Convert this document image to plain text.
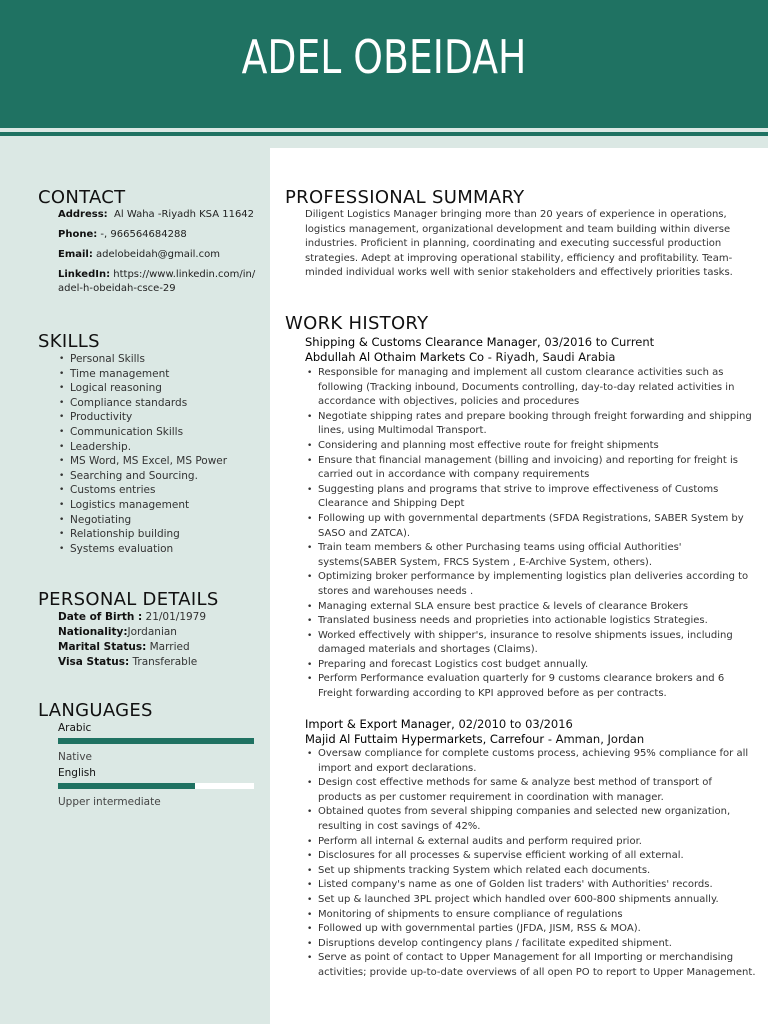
ADEL OBEIDAH
CONTACT
Address: Al Waha -Riyadh KSA 11642
Phone: -, 966564684288
Email: adelobeidah@gmail.com
LinkedIn: https://www.linkedin.com/in/adel-h-obeidah-csce-29
SKILLS
• Personal Skills
• Time management
• Logical reasoning
• Compliance standards
• Productivity
• Communication Skills
• Leadership.
• MS Word, MS Excel, MS Power
• Searching and Sourcing.
• Customs entries
• Logistics management
• Negotiating
• Relationship building
• Systems evaluation
PERSONAL DETAILS
Date of Birth : 21/01/1979
Nationality:Jordanian
Marital Status: Married
Visa Status: Transferable
LANGUAGES
Arabic
Native
English
Upper intermediate
PROFESSIONAL SUMMARY
Diligent Logistics Manager bringing more than 20 years of experience in operations, logistics management, organizational development and team building within diverse industries. Proficient in planning, coordinating and executing successful production strategies. Adept at improving operational stability, efficiency and profitability. Team-minded individual works well with senior stakeholders and effectively priorities tasks.
WORK HISTORY
Shipping & Customs Clearance Manager, 03/2016 to Current
Abdullah Al Othaim Markets Co - Riyadh, Saudi Arabia
• Responsible for managing and implement all custom clearance activities such as following (Tracking inbound, Documents controlling, day-to-day related activities in accordance with objectives, policies and procedures
• Negotiate shipping rates and prepare booking through freight forwarding and shipping lines, using Multimodal Transport.
• Considering and planning most effective route for freight shipments
• Ensure that financial management (billing and invoicing) and reporting for freight is carried out in accordance with company requirements
• Suggesting plans and programs that strive to improve effectiveness of Customs Clearance and Shipping Dept
• Following up with governmental departments (SFDA Registrations, SABER System by SASO and ZATCA).
• Train team members & other Purchasing teams using official Authorities' systems(SABER System, FRCS System , E-Archive System, others).
• Optimizing broker performance by implementing logistics plan deliveries according to stores and warehouses needs .
• Managing external SLA ensure best practice & levels of clearance Brokers
• Translated business needs and proprieties into actionable logistics Strategies.
• Worked effectively with shipper's, insurance to resolve shipments issues, including damaged materials and shortages (Claims).
• Preparing and forecast Logistics cost budget annually.
• Perform Performance evaluation quarterly for 9 customs clearance brokers and 6 Freight forwarding according to KPI approved before as per contracts.
Import & Export Manager, 02/2010 to 03/2016
Majid Al Futtaim Hypermarkets, Carrefour - Amman, Jordan
• Oversaw compliance for complete customs process, achieving 95% compliance for all import and export declarations.
• Design cost effective methods for same & analyze best method of transport of products as per customer requirement in coordination with manager.
• Obtained quotes from several shipping companies and selected new organization, resulting in cost savings of 42%.
• Perform all internal & external audits and perform required prior.
• Disclosures for all processes & supervise efficient working of all external.
• Set up shipments tracking System which related each documents.
• Listed company's name as one of Golden list traders' with Authorities' records.
• Set up & launched 3PL project which handled over 600-800 shipments annually.
• Monitoring of shipments to ensure compliance of regulations
• Followed up with governmental parties (JFDA, JISM, RSS & MOA).
• Disruptions develop contingency plans / facilitate expedited shipment.
• Serve as point of contact to Upper Management for all Importing or merchandising activities; provide up-to-date overviews of all open PO to report to Upper Management.
